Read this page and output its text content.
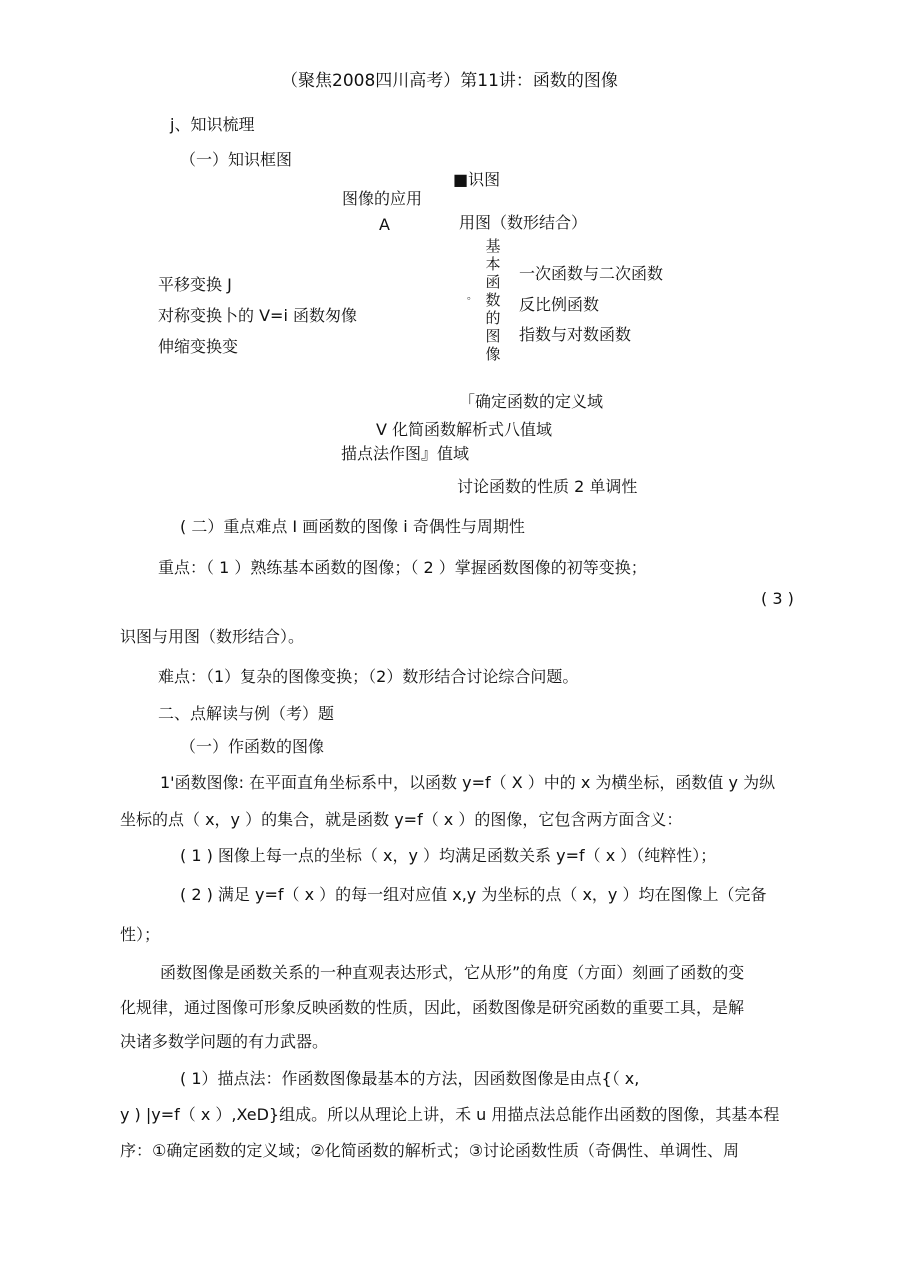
（聚焦2008四川高考）第11讲：函数的图像
j、知识梳理
（一）知识框图
■识图
图像的应用
A	用图（数形结合）
基
本
函
数
的
图
像
。
一次函数与二次函数
反比例函数
指数与对数函数
平移变换 J
对称变换卜的 V=i 函数匆像
伸缩变换变
「确定函数的定义域
V 化简函数解析式八值域
描点法作图』值域
讨论函数的性质 2 单调性
( 二）重点难点 I 画函数的图像 i 奇偶性与周期性
重点：（ 1 ）熟练基本函数的图像；（ 2 ）掌握函数图像的初等变换；
( 3 )
识图与用图（数形结合）。
难点：（1）复杂的图像变换；（2）数形结合讨论综合问题。
二、点解读与例（考）题
（一）作函数的图像
1'函数图像: 在平面直角坐标系中，以函数 y=f（ X ）中的 x 为横坐标，函数值 y 为纵
坐标的点（ x，y ）的集合，就是函数 y=f（ x ）的图像，它包含两方面含义：
( 1 ) 图像上每一点的坐标（ x，y ）均满足函数关系 y=f（ x ）（纯粹性）；
( 2 ) 满足 y=f（ x ）的每一组对应值 x,y 为坐标的点（ x，y ）均在图像上（完备
性）；
函数图像是函数关系的一种直观表达形式，它从形”的角度（方面）刻画了函数的变
化规律，通过图像可形象反映函数的性质，因此，函数图像是研究函数的重要工具，是解
决诸多数学问题的有力武器。
( 1）描点法：作函数图像最基本的方法，因函数图像是由点{（ x,
y ) |y=f（ x ）,XeD}组成。所以从理论上讲，禾 u 用描点法总能作出函数的图像，其基本程
序：①确定函数的定义域；②化简函数的解析式；③讨论函数性质（奇偶性、单调性、周
